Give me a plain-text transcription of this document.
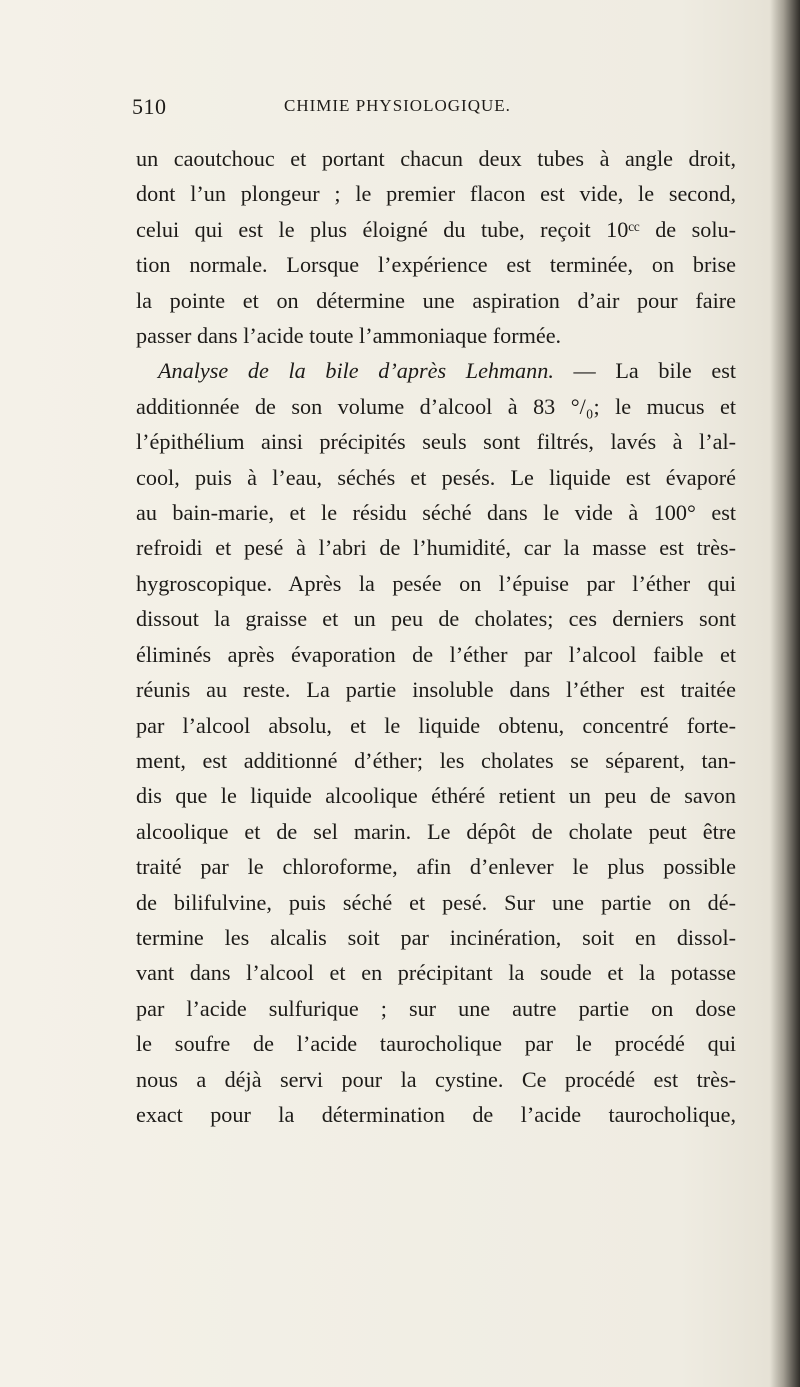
510	CHIMIE PHYSIOLOGIQUE.

un caoutchouc et portant chacun deux tubes à angle droit,
dont l’un plongeur ; le premier flacon est vide, le second,
celui qui est le plus éloigné du tube, reçoit 10ᶜᶜ de solu-
tion normale. Lorsque l’expérience est terminée, on brise
la pointe et on détermine une aspiration d’air pour faire
passer dans l’acide toute l’ammoniaque formée.

Analyse de la bile d’après Lehmann. — La bile est
additionnée de son volume d’alcool à 83 °/₀; le mucus et
l’épithélium ainsi précipités seuls sont filtrés, lavés à l’al-
cool, puis à l’eau, séchés et pesés. Le liquide est évaporé
au bain-marie, et le résidu séché dans le vide à 100° est
refroidi et pesé à l’abri de l’humidité, car la masse est très-
hygroscopique. Après la pesée on l’épuise par l’éther qui
dissout la graisse et un peu de cholates; ces derniers sont
éliminés après évaporation de l’éther par l’alcool faible et
réunis au reste. La partie insoluble dans l’éther est traitée
par l’alcool absolu, et le liquide obtenu, concentré forte-
ment, est additionné d’éther; les cholates se séparent, tan-
dis que le liquide alcoolique éthéré retient un peu de savon
alcoolique et de sel marin. Le dépôt de cholate peut être
traité par le chloroforme, afin d’enlever le plus possible
de bilifulvine, puis séché et pesé. Sur une partie on dé-
termine les alcalis soit par incinération, soit en dissol-
vant dans l’alcool et en précipitant la soude et la potasse
par l’acide sulfurique ; sur une autre partie on dose
le soufre de l’acide taurocholique par le procédé qui
nous a déjà servi pour la cystine. Ce procédé est très-
exact pour la détermination de l’acide taurocholique,
